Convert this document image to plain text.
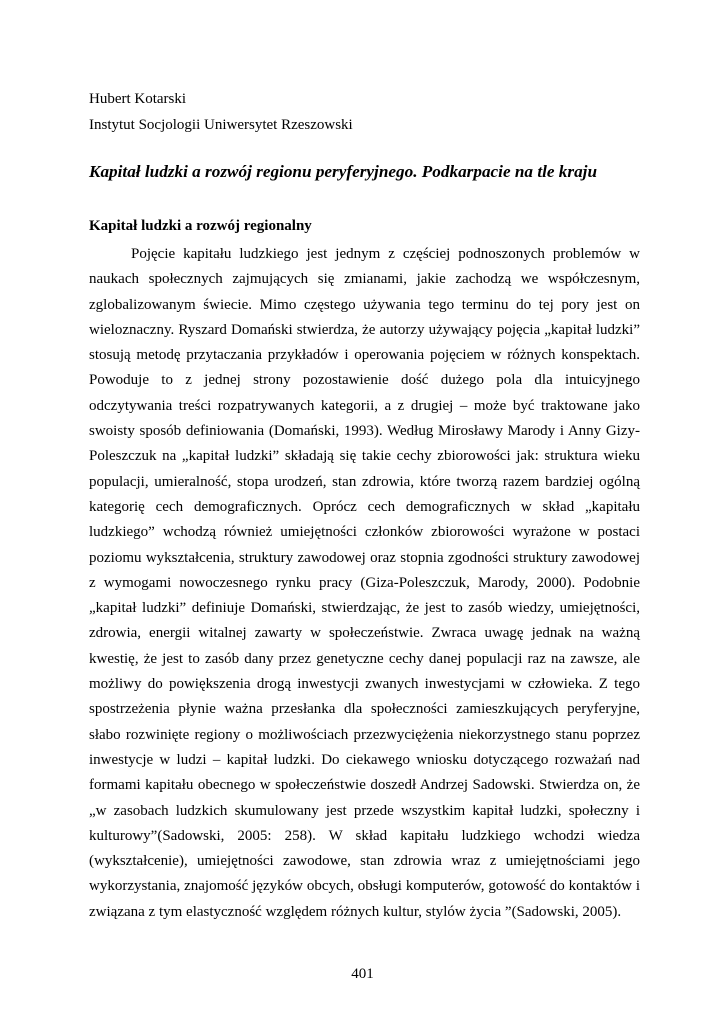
Hubert Kotarski
Instytut Socjologii Uniwersytet Rzeszowski
Kapitał ludzki a rozwój regionu peryferyjnego. Podkarpacie na tle kraju
Kapitał ludzki a rozwój regionalny

Pojęcie kapitału ludzkiego jest jednym z częściej podnoszonych problemów w naukach społecznych zajmujących się zmianami, jakie zachodzą we współczesnym, zglobalizowanym świecie. Mimo częstego używania tego terminu do tej pory jest on wieloznaczny. Ryszard Domański stwierdza, że autorzy używający pojęcia „kapitał ludzki” stosują metodę przytaczania przykładów i operowania pojęciem w różnych konspektach. Powoduje to z jednej strony pozostawienie dość dużego pola dla intuicyjnego odczytywania treści rozpatrywanych kategorii, a z drugiej – może być traktowane jako swoisty sposób definiowania (Domański, 1993). Według Mirosławy Marody i Anny Gizy-Poleszczuk na „kapitał ludzki” składają się takie cechy zbiorowości jak: struktura wieku populacji, umieralność, stopa urodzeń, stan zdrowia, które tworzą razem bardziej ogólną kategorię cech demograficznych. Oprócz cech demograficznych w skład „kapitału ludzkiego” wchodzą również umiejętności członków zbiorowości wyrażone w postaci poziomu wykształcenia, struktury zawodowej oraz stopnia zgodności struktury zawodowej z wymogami nowoczesnego rynku pracy (Giza-Poleszczuk, Marody, 2000). Podobnie „kapitał ludzki” definiuje Domański, stwierdzając, że jest to zasób wiedzy, umiejętności, zdrowia, energii witalnej zawarty w społeczeństwie. Zwraca uwagę jednak na ważną kwestię, że jest to zasób dany przez genetyczne cechy danej populacji raz na zawsze, ale możliwy do powiększenia drogą inwestycji zwanych inwestycjami w człowieka. Z tego spostrzeżenia płynie ważna przesłanka dla społeczności zamieszkujących peryferyjne, słabo rozwinięte regiony o możliwościach przezwyciężenia niekorzystnego stanu poprzez inwestycje w ludzi – kapitał ludzki. Do ciekawego wniosku dotyczącego rozważań nad formami kapitału obecnego w społeczeństwie doszedł Andrzej Sadowski. Stwierdza on, że „w zasobach ludzkich skumulowany jest przede wszystkim kapitał ludzki, społeczny i kulturowy”(Sadowski, 2005: 258). W skład kapitału ludzkiego wchodzi wiedza (wykształcenie), umiejętności zawodowe, stan zdrowia wraz z umiejętnościami jego wykorzystania, znajomość języków obcych, obsługi komputerów, gotowość do kontaktów i związana z tym elastyczność względem różnych kultur, stylów życia ”(Sadowski, 2005).

401
